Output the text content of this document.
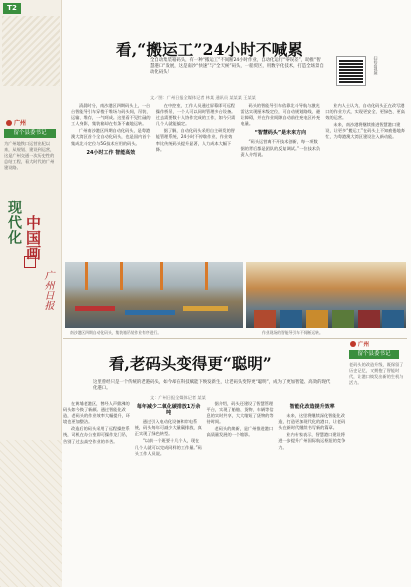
T2
广州
留个县委书记
为广州地铁口运营出纪以来，从规划、建设到运营，这是广州交通一次历史性的总结工程，看大时代的广州建设路。
现代化 中国画
广州日报
看,“搬运工”24小时不喊累
全自动集装箱码头，有一种“搬运工”不间断24小时作业，自动化运行“零误差”，助推“智慧港口”发展，这是南沙“快速”与“全天候”码头，一船贸区，用数字化技术，打造全场景自动化码头！
文／图：广州日报全媒体记者 林某 通讯员 某某某 王某某
扫码看视频

清晨时分，南沙港区四期码头上，一台台智能导引车穿梭于堆场与码头间，吊装、运输、堆存，一气呵成。这里看不见忙碌的工人身影，集装箱却在有条不紊地运转。

广州南沙港区四期自动化码头，是粤港澳大湾区首个全自动化码头，也是国内首个集成北斗定位与5G技术应用的码头。

24小时工作 智能高效

在中控室，工作人员通过屏幕即可远程操作桥吊，一个人可以同时管理多台设备。过去需要数十人协作完成的工作，如今只需几个人就能搞定。

据了解，自动化码头采用自主研发的智能管理系统，24小时不停歇作业，作业效率比传统码头提升显著，人力成本大幅下降。

码头的智能导引车依靠北斗导航与激光雷达实现厘米级定位，可自动规划路线、避让障碍，并在作业间隙自动前往充电区补充电量。

“智慧码头”是未来方向

“码头运营离不开技术创新，每一项数据的背后都是团队的反复调试。”一位技术负责人介绍说。

业内人士认为，自动化码头正在改写港口的作业方式，实现更安全、更绿色、更高效的运营。

未来，南沙港将继续推进智慧港口建设，让更多“搬运工”在码头上不知疲倦地奔忙，为粤港澳大湾区建设注入新动能。

南沙港区四期自动化码头，集装箱吊装作业有序进行。	作业现场的智能导引车不间断运转。
广州
留个县委书记
老码头的改造升级，既保留了历史记忆，又拥抱了智能时代，让港口焕发出新的生机与活力。
看,老码头变得更“聪明”
这里曾经只是一个传统的老港码头，如今却在科技赋能下焕发新生，让老码头变得更“聪明”，成为了更加智能、高效的现代化港口。
文：广州日报全媒体记者 某某

在黄埔老港区，曾经人声鼎沸的码头如今换了新颜。通过智能化改造，老码头的作业效率大幅提升，环境也更加整洁。

改造后的码头采用了远程操控系统，司机在办公室即可操作龙门吊，告别了过去高空作业的辛苦。

每年减少二氧化碳排放1万余吨

通过引入电动化设备和岸电系统，码头每年可减少大量碳排放，真正实现了绿色转型。

“以前一个班要十几个人，现在几个人就可以完成同样的工作量。”码头工作人员说。

据介绍，码头还建设了智慧管理平台，实现了船舶、货物、车辆等信息的实时共享，大大缩短了货物的等待时间。

老码头的焕新，是广州推进港口高质量发展的一个缩影。

智能化改造提升效率

未来，这里将继续深化智能化改造，打造更加现代化的港口，让老码头在新时代继续书写新的篇章。

业内专家表示，智慧港口建设将进一步提升广州国际航运枢纽的竞争力。
